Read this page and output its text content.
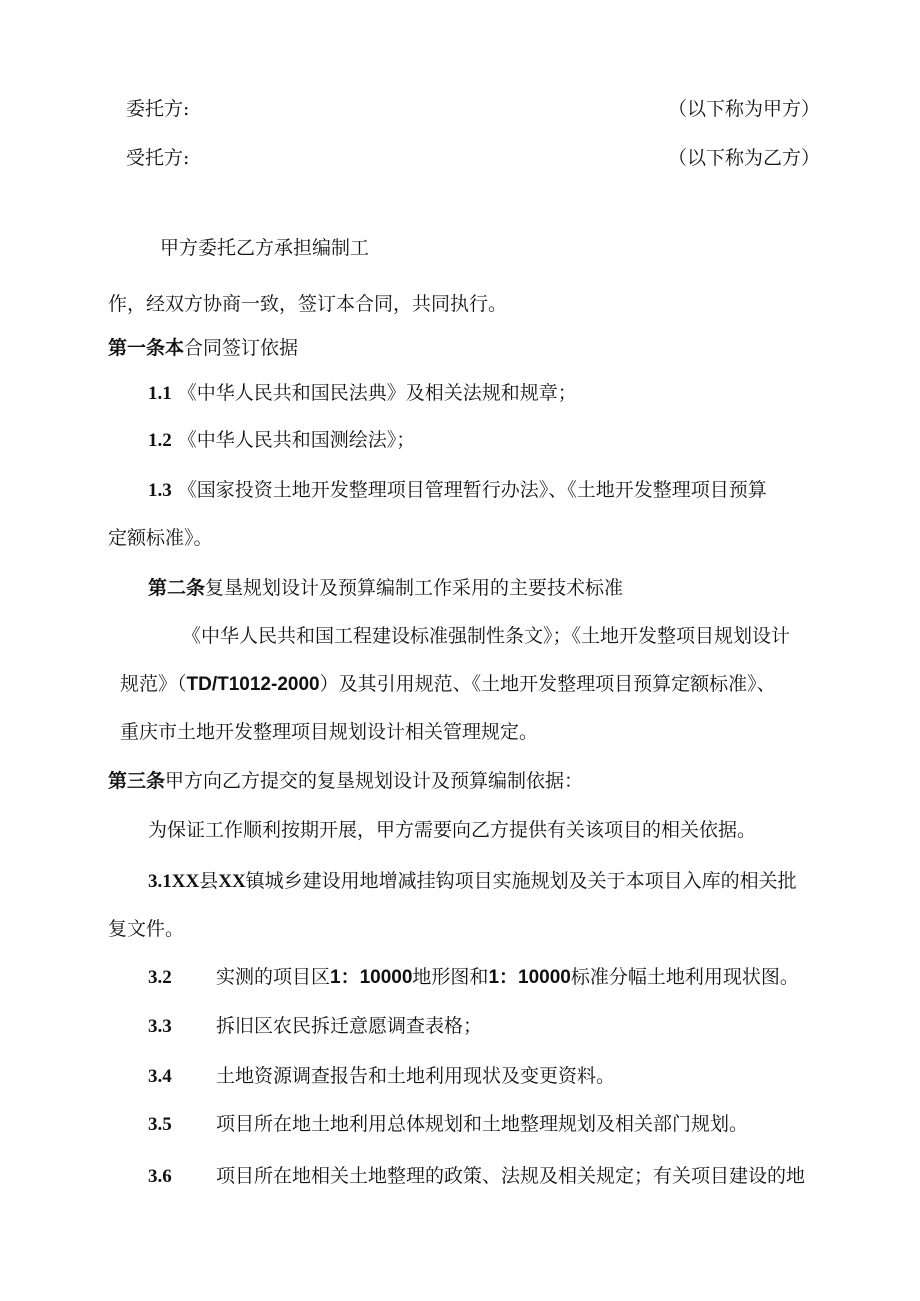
委托方:	（以下称为甲方）
受托方:	（以下称为乙方）
甲方委托乙方承担编制工
作，经双方协商一致，签订本合同，共同执行。
第一条本合同签订依据
1.1 《中华人民共和国民法典》及相关法规和规章；
1.2 《中华人民共和国测绘法》；
1.3 《国家投资土地开发整理项目管理暂行办法》、《土地开发整理项目预算
定额标准》。
第二条复垦规划设计及预算编制工作采用的主要技术标准
《中华人民共和国工程建设标准强制性条文》；《土地开发整项目规划设计
规范》（TD/T1012-2000）及其引用规范、《土地开发整理项目预算定额标准》、
重庆市土地开发整理项目规划设计相关管理规定。
第三条甲方向乙方提交的复垦规划设计及预算编制依据：
为保证工作顺利按期开展，甲方需要向乙方提供有关该项目的相关依据。
3.1XX县XX镇城乡建设用地增减挂钩项目实施规划及关于本项目入库的相关批
复文件。
3.2 实测的项目区1：10000地形图和1：10000标准分幅土地利用现状图。
3.3 拆旧区农民拆迁意愿调查表格；
3.4 土地资源调查报告和土地利用现状及变更资料。
3.5 项目所在地土地利用总体规划和土地整理规划及相关部门规划。
3.6 项目所在地相关土地整理的政策、法规及相关规定；有关项目建设的地
